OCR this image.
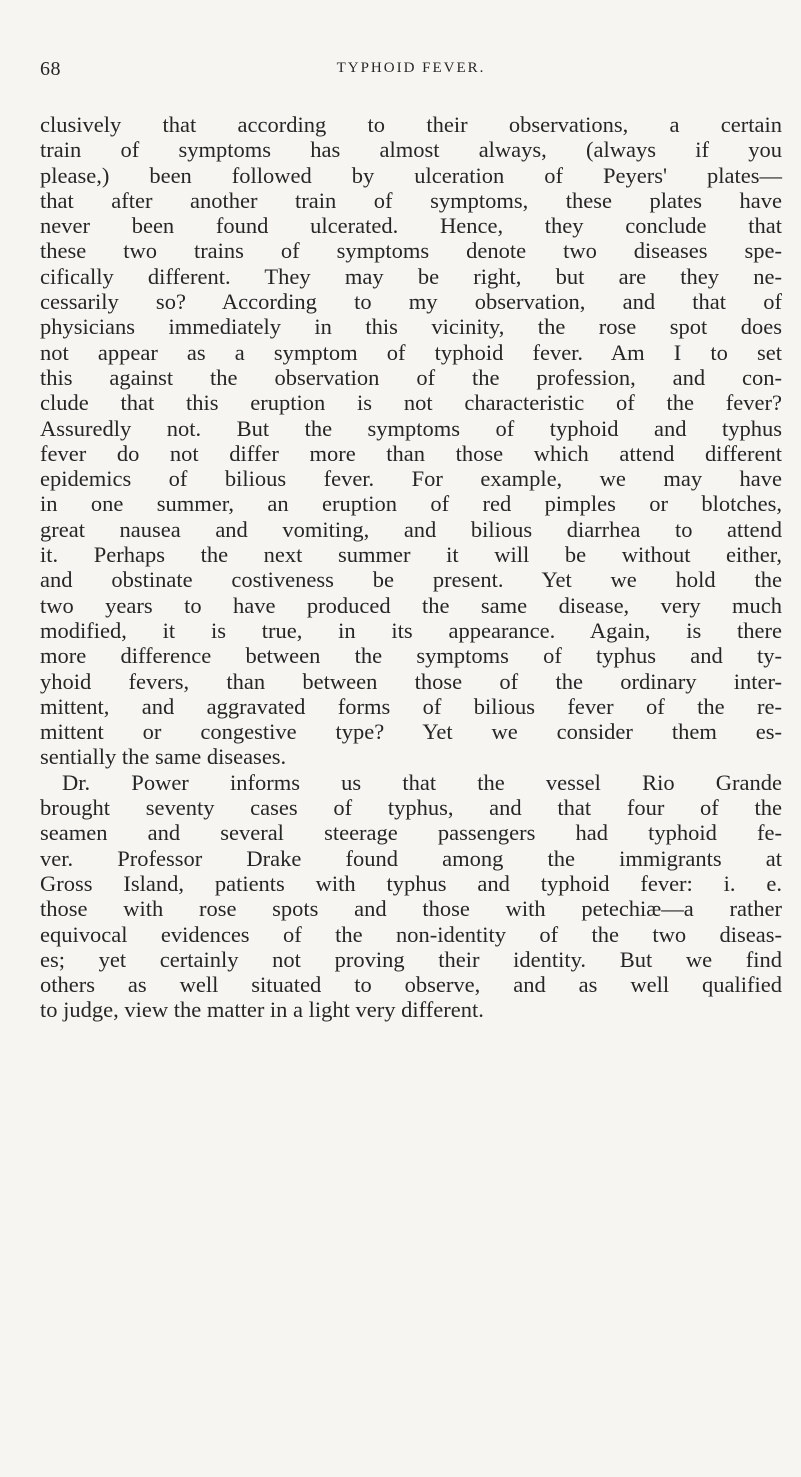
68	TYPHOID FEVER.
clusively that according to their observations, a certain
train of symptoms has almost always, (always if you
please,) been followed by ulceration of Peyers' plates—
that after another train of symptoms, these plates have
never been found ulcerated. Hence, they conclude that
these two trains of symptoms denote two diseases spe-
cifically different. They may be right, but are they ne-
cessarily so? According to my observation, and that of
physicians immediately in this vicinity, the rose spot does
not appear as a symptom of typhoid fever. Am I to set
this against the observation of the profession, and con-
clude that this eruption is not characteristic of the fever?
Assuredly not. But the symptoms of typhoid and typhus
fever do not differ more than those which attend different
epidemics of bilious fever. For example, we may have
in one summer, an eruption of red pimples or blotches,
great nausea and vomiting, and bilious diarrhea to attend
it. Perhaps the next summer it will be without either,
and obstinate costiveness be present. Yet we hold the
two years to have produced the same disease, very much
modified, it is true, in its appearance. Again, is there
more difference between the symptoms of typhus and ty-
yhoid fevers, than between those of the ordinary inter-
mittent, and aggravated forms of bilious fever of the re-
mittent or congestive type? Yet we consider them es-
sentially the same diseases.
Dr. Power informs us that the vessel Rio Grande
brought seventy cases of typhus, and that four of the
seamen and several steerage passengers had typhoid fe-
ver. Professor Drake found among the immigrants at
Gross Island, patients with typhus and typhoid fever: i. e.
those with rose spots and those with petechiæ—a rather
equivocal evidences of the non-identity of the two diseas-
es; yet certainly not proving their identity. But we find
others as well situated to observe, and as well qualified
to judge, view the matter in a light very different.
